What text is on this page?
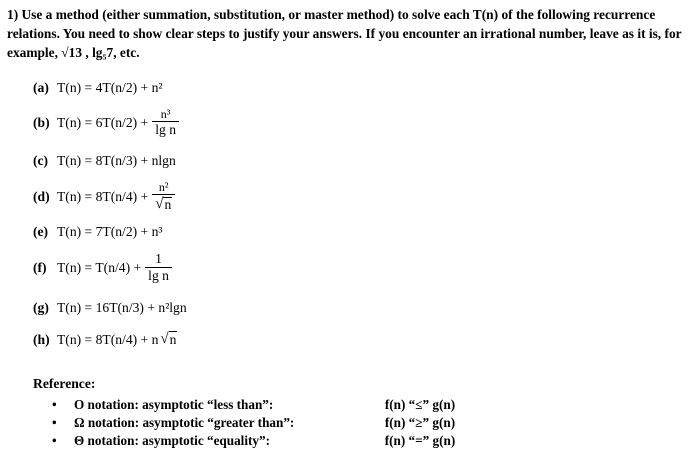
1) Use a method (either summation, substitution, or master method) to solve each T(n) of the following recurrence relations. You need to show clear steps to justify your answers. If you encounter an irrational number, leave as it is, for example, √13 , lg₅7, etc.
(a) T(n) = 4T(n/2) + n²
(b) $T(n) = 6T(n/2) + \frac{\text{n³}}{\text{lg n}}$
(c) T(n) = 8T(n/3) + nlgn
(d) $T(n) = 8T(n/4) + \frac{\text{n²}}{√ n}$
(e) T(n) = 7T(n/2) + n³
(f) $T(n) = T(n/4) + \frac{1}{\text{lg n}}$
(g) T(n) = 16T(n/3) + n²lgn
(h) T(n) = 8T(n/4) + n √ n
Reference:
• O notation: asymptotic “less than”:	f(n) “≤” g(n)
• Ω notation: asymptotic “greater than”:	f(n) “≥” g(n)
• Θ notation: asymptotic “equality”:	f(n) “=” g(n)
